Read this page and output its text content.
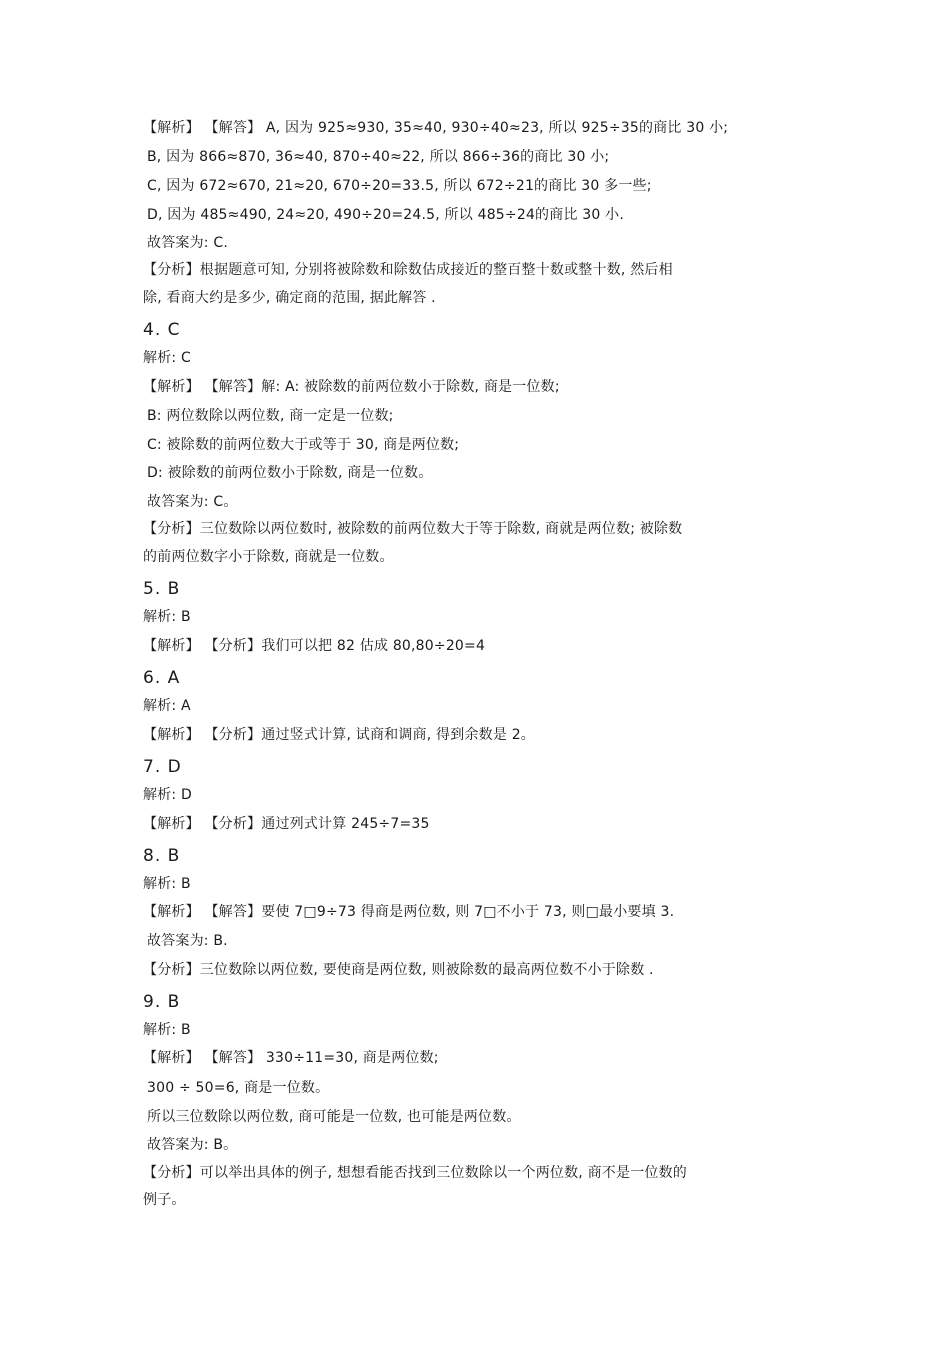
【解析】 【解答】 A, 因为 925≈930, 35≈40, 930÷40≈23, 所以 925÷35的商比 30 小;
B, 因为 866≈870, 36≈40, 870÷40≈22, 所以 866÷36的商比 30 小;
C, 因为 672≈670, 21≈20, 670÷20=33.5, 所以 672÷21的商比 30 多一些;
D, 因为 485≈490, 24≈20, 490÷20=24.5, 所以 485÷24的商比 30 小.
故答案为: C.
【分析】根据题意可知, 分别将被除数和除数估成接近的整百整十数或整十数, 然后相
除, 看商大约是多少, 确定商的范围, 据此解答 .
4. C
解析: C
【解析】 【解答】解: A: 被除数的前两位数小于除数, 商是一位数;
B: 两位数除以两位数, 商一定是一位数;
C: 被除数的前两位数大于或等于 30, 商是两位数;
D: 被除数的前两位数小于除数, 商是一位数。
故答案为: C。
【分析】三位数除以两位数时, 被除数的前两位数大于等于除数, 商就是两位数; 被除数
的前两位数字小于除数, 商就是一位数。
5. B
解析: B
【解析】 【分析】我们可以把 82 估成 80,80÷20=4
6. A
解析: A
【解析】 【分析】通过竖式计算, 试商和调商, 得到余数是 2。
7. D
解析: D
【解析】 【分析】通过列式计算 245÷7=35
8. B
解析: B
【解析】 【解答】要使 7□9÷73 得商是两位数, 则 7□不小于 73, 则□最小要填 3.
故答案为: B.
【分析】三位数除以两位数, 要使商是两位数, 则被除数的最高两位数不小于除数 .
9. B
解析: B
【解析】 【解答】 330÷11=30, 商是两位数;
300 ÷ 50=6, 商是一位数。
所以三位数除以两位数, 商可能是一位数, 也可能是两位数。
故答案为: B。
【分析】可以举出具体的例子, 想想看能否找到三位数除以一个两位数, 商不是一位数的
例子。
